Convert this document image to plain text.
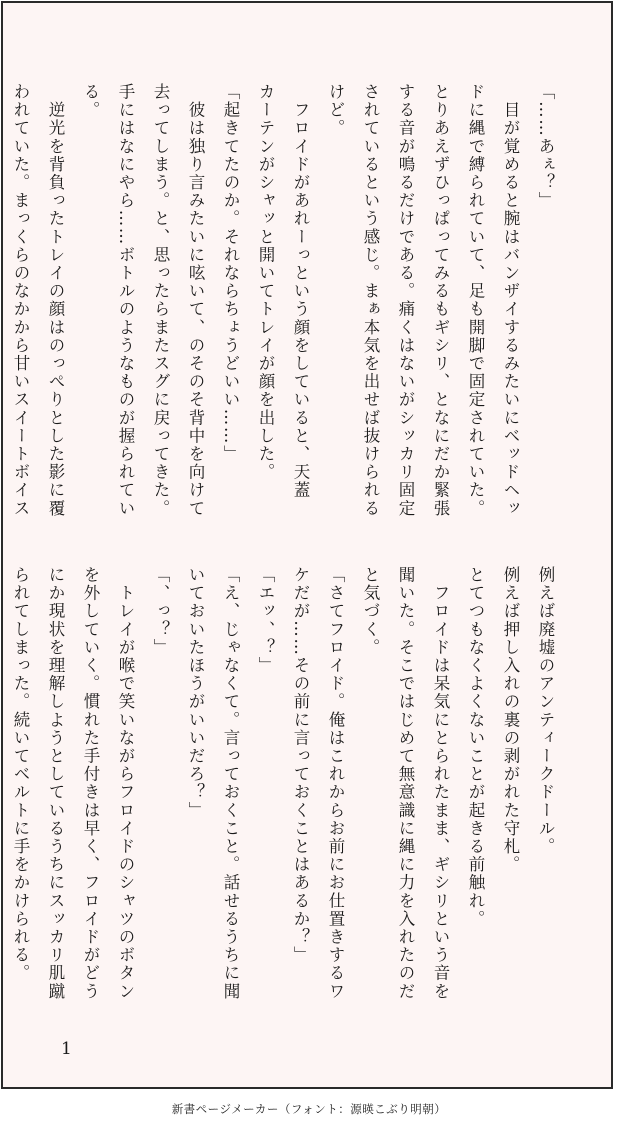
「……あぇ？」

　目が覚めると腕はバンザイするみたいにベッドヘッ

ドに縄で縛られていて、足も開脚で固定されていた。

とりあえずひっぱってみるもギシリ、となにだか緊張

する音が鳴るだけである。痛くはないがシッカリ固定

されているという感じ。まぁ本気を出せば抜けられる

けど。

　フロイドがあれーっという顔をしていると、天蓋

カーテンがシャッと開いてトレイが顔を出した。

「起きてたのか。それならちょうどいい……」

　彼は独り言みたいに呟いて、のそのそ背中を向けて

去ってしまう。と、思ったらまたスグに戻ってきた。

手にはなにやら……ボトルのようなものが握られてい

る。

　逆光を背負ったトレイの顔はのっぺりとした影に覆

われていた。まっくらのなかから甘いスイートボイス

例えば廃墟のアンティークドール。

例えば押し入れの裏の剥がれた守札。

とてつもなくよくないことが起きる前触れ。

　フロイドは呆気にとられたまま、ギシリという音を

聞いた。そこではじめて無意識に縄に力を入れたのだ

と気づく。

「さてフロイド。俺はこれからお前にお仕置きするワ

ケだが……その前に言っておくことはあるか？」

「エッ、？」

「え、じゃなくて。言っておくこと。話せるうちに聞

いておいたほうがいいだろ？」

「、っ？」

　トレイが喉で笑いながらフロイドのシャツのボタン

を外していく。慣れた手付きは早く、フロイドがどう

にか現状を理解しようとしているうちにスッカリ肌蹴

られてしまった。続いてベルトに手をかけられる。

1
新書ページメーカー（フォント：源暎こぶり明朝）
